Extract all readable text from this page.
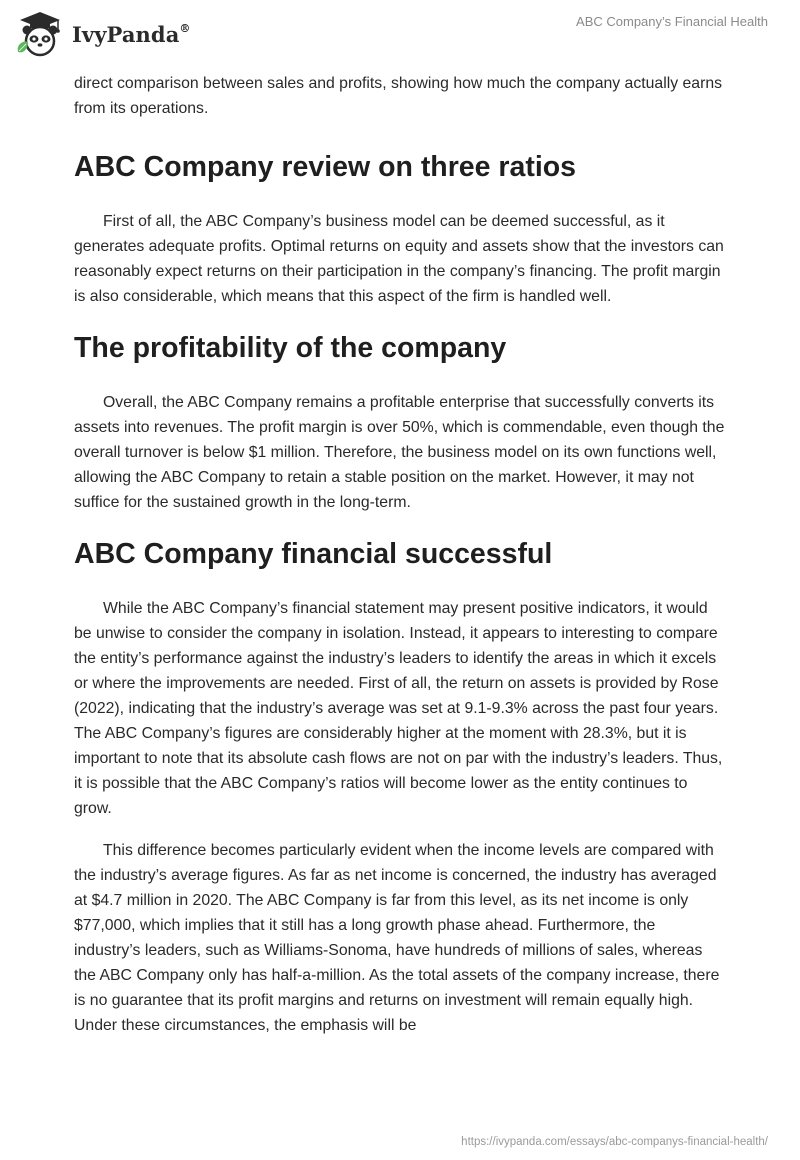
IvyPanda®	ABC Company’s Financial Health

direct comparison between sales and profits, showing how much the company actually earns from its operations.

ABC Company review on three ratios

First of all, the ABC Company’s business model can be deemed successful, as it generates adequate profits. Optimal returns on equity and assets show that the investors can reasonably expect returns on their participation in the company’s financing. The profit margin is also considerable, which means that this aspect of the firm is handled well.

The profitability of the company

Overall, the ABC Company remains a profitable enterprise that successfully converts its assets into revenues. The profit margin is over 50%, which is commendable, even though the overall turnover is below $1 million. Therefore, the business model on its own functions well, allowing the ABC Company to retain a stable position on the market. However, it may not suffice for the sustained growth in the long-term.

ABC Company financial successful

While the ABC Company’s financial statement may present positive indicators, it would be unwise to consider the company in isolation. Instead, it appears to interesting to compare the entity’s performance against the industry’s leaders to identify the areas in which it excels or where the improvements are needed. First of all, the return on assets is provided by Rose (2022), indicating that the industry’s average was set at 9.1-9.3% across the past four years. The ABC Company’s figures are considerably higher at the moment with 28.3%, but it is important to note that its absolute cash flows are not on par with the industry’s leaders. Thus, it is possible that the ABC Company’s ratios will become lower as the entity continues to grow.

This difference becomes particularly evident when the income levels are compared with the industry’s average figures. As far as net income is concerned, the industry has averaged at $4.7 million in 2020. The ABC Company is far from this level, as its net income is only $77,000, which implies that it still has a long growth phase ahead. Furthermore, the industry’s leaders, such as Williams-Sonoma, have hundreds of millions of sales, whereas the ABC Company only has half-a-million. As the total assets of the company increase, there is no guarantee that its profit margins and returns on investment will remain equally high. Under these circumstances, the emphasis will be

https://ivypanda.com/essays/abc-companys-financial-health/
